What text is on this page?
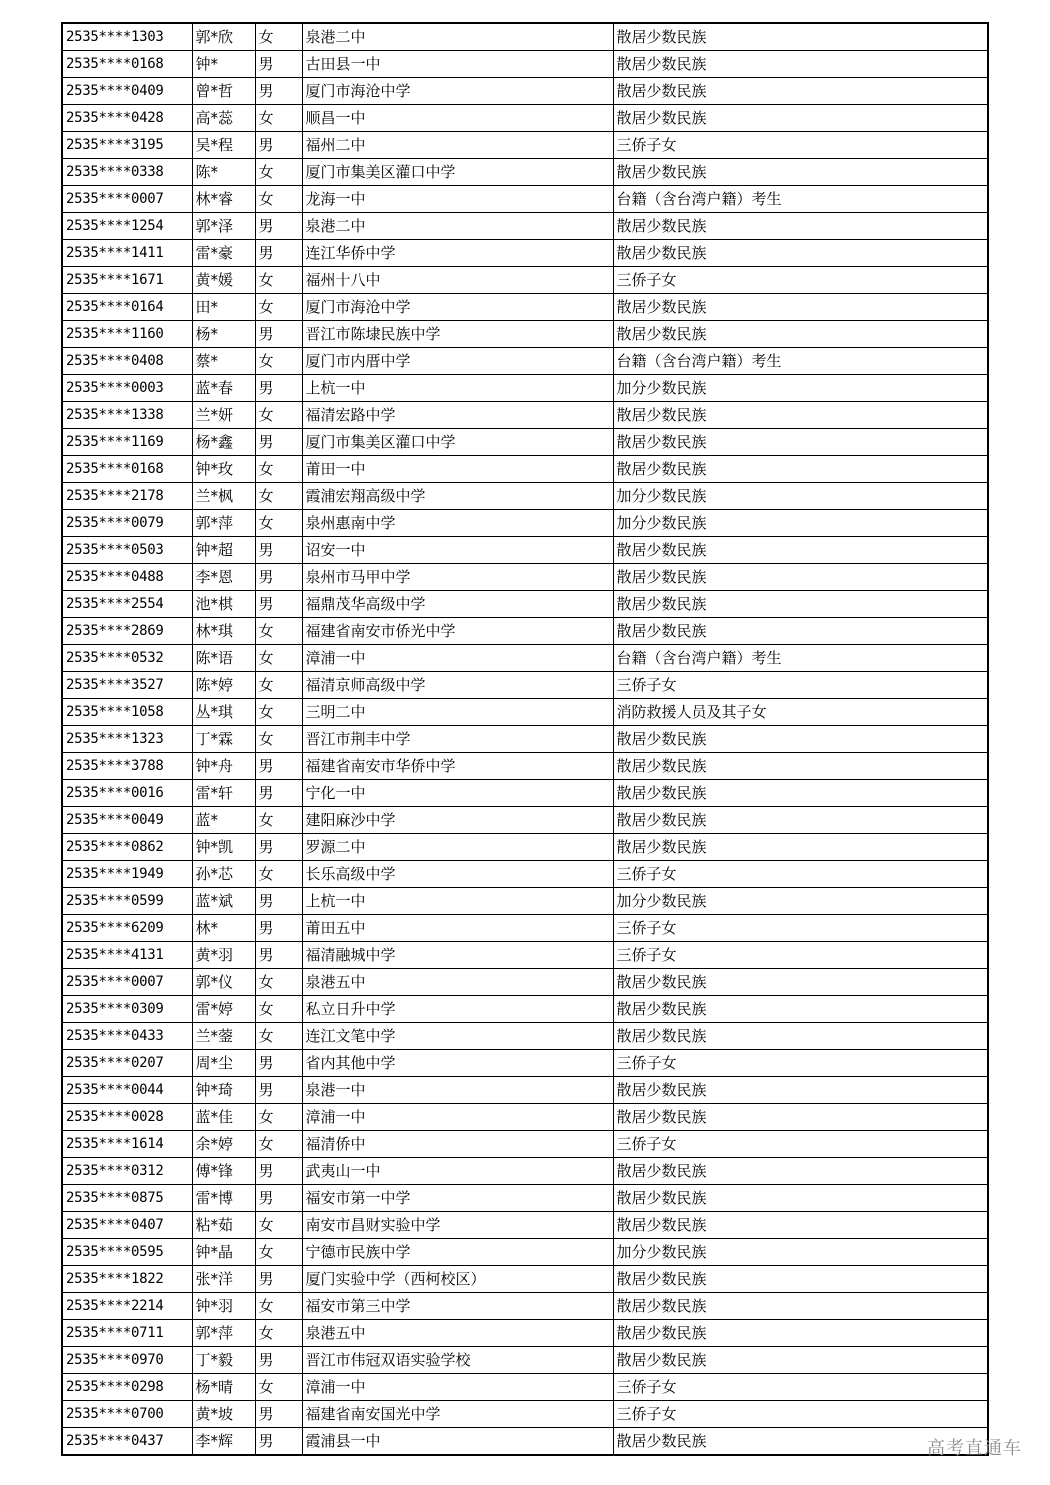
2535****1303	郭*欣	女	泉港二中	散居少数民族
2535****0168	钟*	男	古田县一中	散居少数民族
2535****0409	曾*哲	男	厦门市海沧中学	散居少数民族
2535****0428	高*蕊	女	顺昌一中	散居少数民族
2535****3195	吴*程	男	福州二中	三侨子女
2535****0338	陈*	女	厦门市集美区灌口中学	散居少数民族
2535****0007	林*睿	女	龙海一中	台籍（含台湾户籍）考生
2535****1254	郭*泽	男	泉港二中	散居少数民族
2535****1411	雷*豪	男	连江华侨中学	散居少数民族
2535****1671	黄*媛	女	福州十八中	三侨子女
2535****0164	田*	女	厦门市海沧中学	散居少数民族
2535****1160	杨*	男	晋江市陈埭民族中学	散居少数民族
2535****0408	蔡*	女	厦门市内厝中学	台籍（含台湾户籍）考生
2535****0003	蓝*春	男	上杭一中	加分少数民族
2535****1338	兰*妍	女	福清宏路中学	散居少数民族
2535****1169	杨*鑫	男	厦门市集美区灌口中学	散居少数民族
2535****0168	钟*玫	女	莆田一中	散居少数民族
2535****2178	兰*枫	女	霞浦宏翔高级中学	加分少数民族
2535****0079	郭*萍	女	泉州惠南中学	加分少数民族
2535****0503	钟*超	男	诏安一中	散居少数民族
2535****0488	李*恩	男	泉州市马甲中学	散居少数民族
2535****2554	池*棋	男	福鼎茂华高级中学	散居少数民族
2535****2869	林*琪	女	福建省南安市侨光中学	散居少数民族
2535****0532	陈*语	女	漳浦一中	台籍（含台湾户籍）考生
2535****3527	陈*婷	女	福清京师高级中学	三侨子女
2535****1058	丛*琪	女	三明二中	消防救援人员及其子女
2535****1323	丁*霖	女	晋江市荆丰中学	散居少数民族
2535****3788	钟*舟	男	福建省南安市华侨中学	散居少数民族
2535****0016	雷*轩	男	宁化一中	散居少数民族
2535****0049	蓝*	女	建阳麻沙中学	散居少数民族
2535****0862	钟*凯	男	罗源二中	散居少数民族
2535****1949	孙*芯	女	长乐高级中学	三侨子女
2535****0599	蓝*斌	男	上杭一中	加分少数民族
2535****6209	林*	男	莆田五中	三侨子女
2535****4131	黄*羽	男	福清融城中学	三侨子女
2535****0007	郭*仪	女	泉港五中	散居少数民族
2535****0309	雷*婷	女	私立日升中学	散居少数民族
2535****0433	兰*蓥	女	连江文笔中学	散居少数民族
2535****0207	周*尘	男	省内其他中学	三侨子女
2535****0044	钟*琦	男	泉港一中	散居少数民族
2535****0028	蓝*佳	女	漳浦一中	散居少数民族
2535****1614	余*婷	女	福清侨中	三侨子女
2535****0312	傅*锋	男	武夷山一中	散居少数民族
2535****0875	雷*博	男	福安市第一中学	散居少数民族
2535****0407	粘*茹	女	南安市昌财实验中学	散居少数民族
2535****0595	钟*晶	女	宁德市民族中学	加分少数民族
2535****1822	张*洋	男	厦门实验中学（西柯校区）	散居少数民族
2535****2214	钟*羽	女	福安市第三中学	散居少数民族
2535****0711	郭*萍	女	泉港五中	散居少数民族
2535****0970	丁*毅	男	晋江市伟冠双语实验学校	散居少数民族
2535****0298	杨*晴	女	漳浦一中	三侨子女
2535****0700	黄*坡	男	福建省南安国光中学	三侨子女
2535****0437	李*辉	男	霞浦县一中	散居少数民族	高考直通车
